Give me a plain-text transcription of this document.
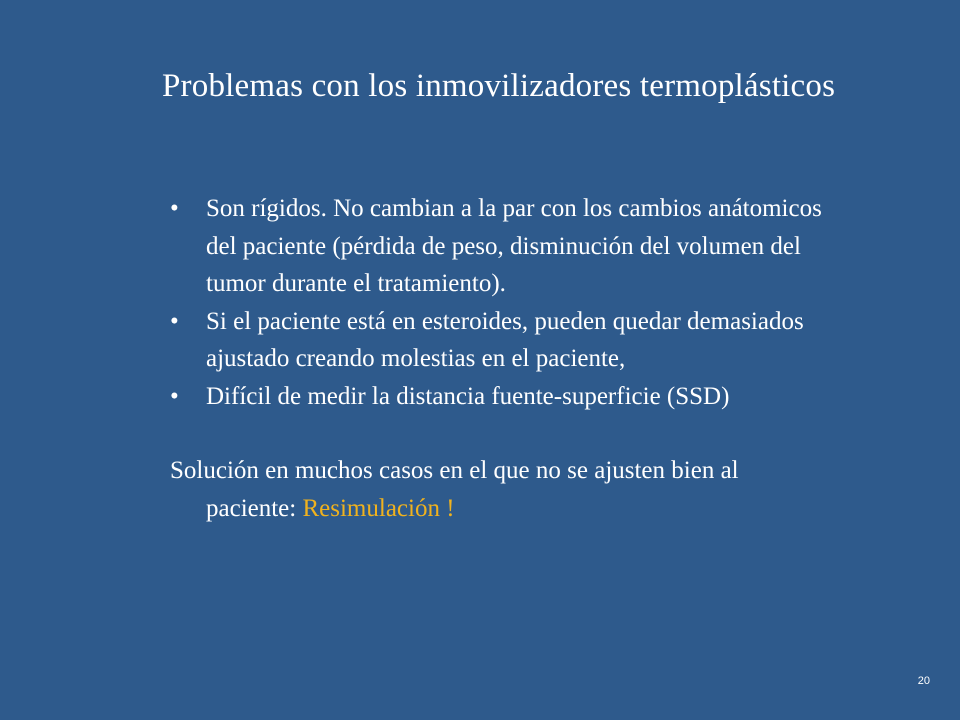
Problemas con los inmovilizadores termoplásticos
•	Son rígidos. No cambian a la par con los cambios anátomicos del paciente (pérdida de peso, disminución del volumen del tumor durante el tratamiento).
•	Si el paciente está en esteroides, pueden quedar demasiados ajustado creando molestias en el paciente,
•	Difícil de medir la distancia fuente-superficie (SSD)
Solución en muchos casos en el que no se ajusten bien al paciente: Resimulación !
20
